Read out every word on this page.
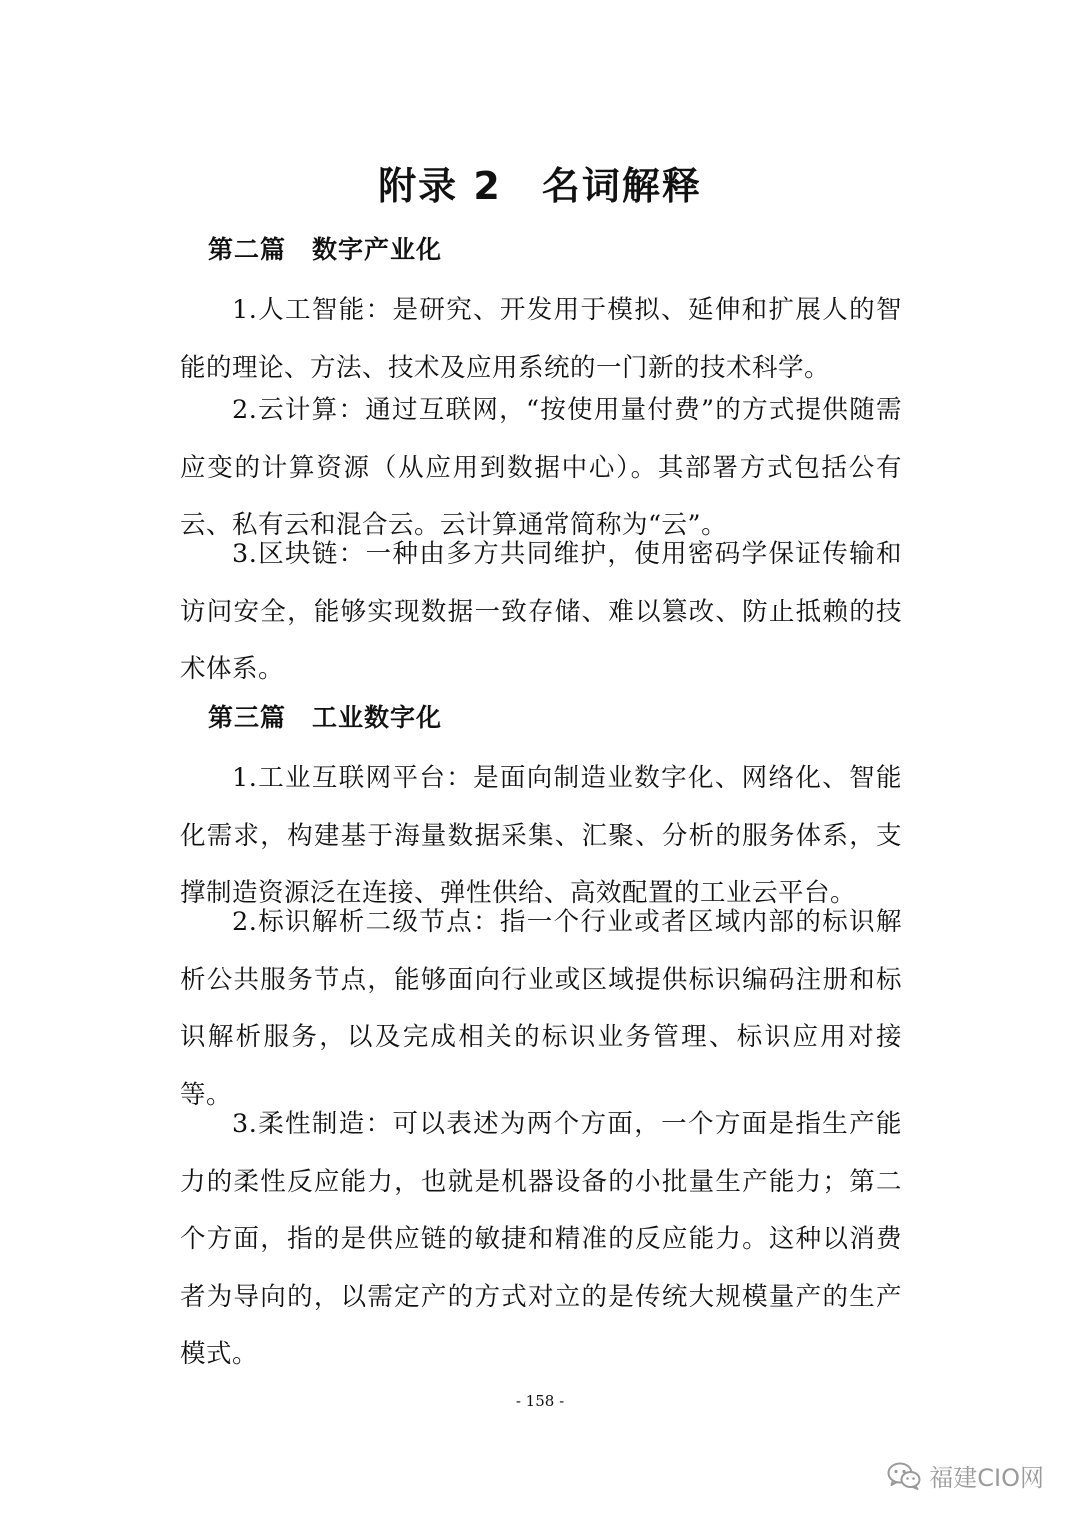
附录 2　名词解释
第二篇 数字产业化

1.人工智能：是研究、开发用于模拟、延伸和扩展人的智能的理论、方法、技术及应用系统的一门新的技术科学。

2.云计算：通过互联网，“按使用量付费”的方式提供随需应变的计算资源（从应用到数据中心）。其部署方式包括公有云、私有云和混合云。云计算通常简称为“云”。

3.区块链：一种由多方共同维护，使用密码学保证传输和访问安全，能够实现数据一致存储、难以篡改、防止抵赖的技术体系。

第三篇 工业数字化

1.工业互联网平台：是面向制造业数字化、网络化、智能化需求，构建基于海量数据采集、汇聚、分析的服务体系，支撑制造资源泛在连接、弹性供给、高效配置的工业云平台。

2.标识解析二级节点：指一个行业或者区域内部的标识解析公共服务节点，能够面向行业或区域提供标识编码注册和标识解析服务，以及完成相关的标识业务管理、标识应用对接等。

3.柔性制造：可以表述为两个方面，一个方面是指生产能力的柔性反应能力，也就是机器设备的小批量生产能力；第二个方面，指的是供应链的敏捷和精准的反应能力。这种以消费者为导向的，以需定产的方式对立的是传统大规模量产的生产模式。

- 158 -

福建CIO网
